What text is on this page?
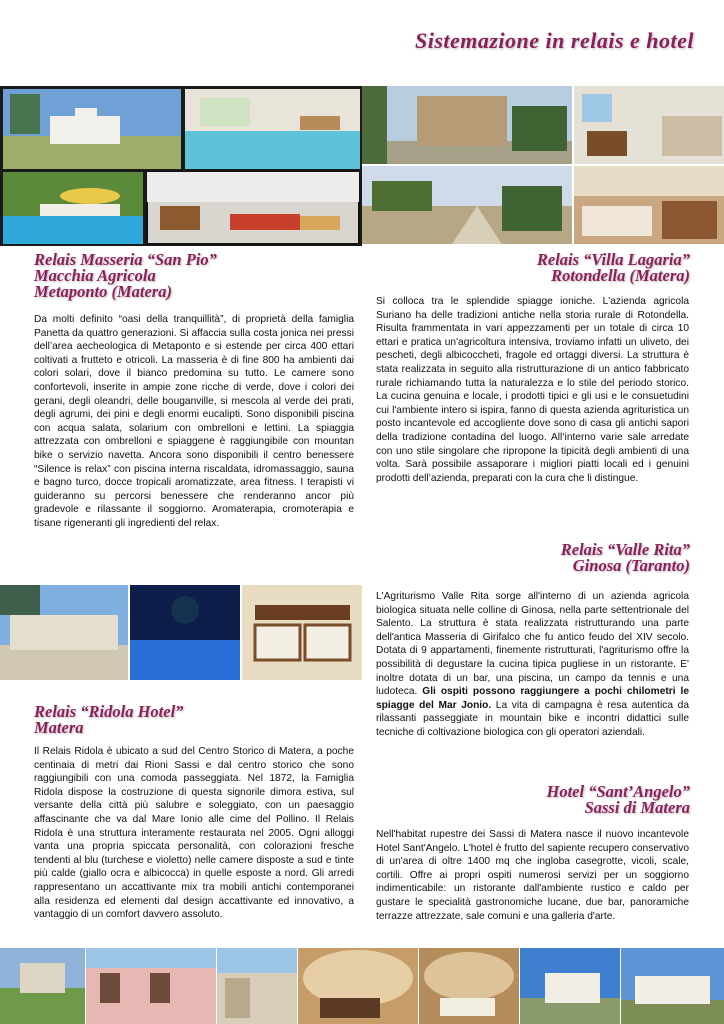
Sistemazione in relais e hotel
Relais Masseria “San Pio”
Macchia Agricola
Metaponto (Matera)
Da molti definito “oasi della tranquillità”, di proprietà della famiglia Panetta da quattro generazioni. Si affaccia sulla costa jonica nei pressi dell’area aecheologica di Metaponto e si estende per circa 400 ettari coltivati a frutteto e otricoli. La masseria è di fine 800 ha ambienti dai colori solari, dove il bianco predomina su tutto. Le camere sono confortevoli, inserite in ampie zone ricche di verde, dove i colori dei gerani, degli oleandri, delle bouganville, si mescola al verde dei prati, degli agrumi, dei pini e degli enormi eucalipti. Sono disponibili piscina con acqua salata, solarium con ombrelloni e lettini. La spiaggia attrezzata con ombrelloni e spiaggene è raggiungibile con mountan bike o servizio navetta. Ancora sono disponibili il centro benessere “Silence is relax” con piscina interna riscaldata, idromassaggio, sauna e bagno turco, docce tropicali aromatizzate, area fitness. I terapisti vi guideranno su percorsi benessere che renderanno ancor più gradevole e rilassante il soggiorno. Aromaterapia, cromoterapia e tisane rigeneranti gli ingredienti del relax.
Relais “Villa Lagaria”
Rotondella (Matera)
Si colloca tra le splendide spiagge ioniche. L'azienda agricola Suriano ha delle tradizioni antiche nella storia rurale di Rotondella. Risulta frammentata in vari appezzamenti per un totale di circa 10 ettari e pratica un'agricoltura intensiva, troviamo infatti un uliveto, dei pescheti, degli albicoccheti, fragole ed ortaggi diversi. La struttura è stata realizzata in seguito alla ristrutturazione di un antico fabbricato rurale richiamando tutta la naturalezza e lo stile del periodo storico. La cucina genuina e locale, i prodotti tipici e gli usi e le consuetudini cui l'ambiente intero si ispira, fanno di questa azienda agrituristica un posto incantevole ed accogliente dove sono di casa gli antichi sapori della tradizione contadina del luogo. All’interno varie sale arredate con uno stile singolare che ripropone la tipicità degli ambienti di una volta. Sarà possibile assaporare i migliori piatti locali ed i genuini prodotti dell’azienda, preparati con la cura che li distingue.
Relais “Valle Rita”
Ginosa (Taranto)
L'Agriturismo Valle Rita sorge all'interno di un azienda agricola biologica situata nelle colline di Ginosa, nella parte settentrionale del Salento. La struttura è stata realizzata ristrutturando una parte dell'antica Masseria di Girifalco che fu antico feudo del XIV secolo. Dotata di 9 appartamenti, finemente ristrutturati, l'agriturismo offre la possibilità di degustare la cucina tipica pugliese in un ristorante. E' inoltre dotata di un bar, una piscina, un campo da tennis e una ludoteca. Gli ospiti possono raggiungere a pochi chilometri le spiagge del Mar Jonio. La vita di campagna è resa autentica da rilassanti passeggiate in mountain bike e incontri didattici sulle tecniche di coltivazione biologica con gli operatori aziendali.
Relais “Ridola Hotel”
Matera
Il Relais Ridola è ubicato a sud del Centro Storico di Matera, a poche centinaia di metri dai Rioni Sassi e dal centro storico che sono raggiungibili con una comoda passeggiata. Nel 1872, la Famiglia Ridola dispose la costruzione di questa signorile dimora estiva, sul versante della città più salubre e soleggiato, con un paesaggio affascinante che va dal Mare Ionio alle cime del Pollino. Il Relais Ridola è una struttura interamente restaurata nel 2005. Ogni alloggi vanta una propria spiccata personalità, con colorazioni fresche tendenti al blu (turchese e violetto) nelle camere disposte a sud e tinte più calde (giallo ocra e albicocca) in quelle esposte a nord. Gli arredi rappresentano un accattivante mix tra mobili antichi contemporanei alla residenza ed elementi dal design accattivante ed innovativo, a vantaggio di un comfort davvero assoluto.
Hotel “Sant’Angelo”
Sassi di Matera
Nell'habitat rupestre dei Sassi di Matera nasce il nuovo incantevole Hotel Sant'Angelo. L'hotel è frutto del sapiente recupero conservativo di un'area di oltre 1400 mq che ingloba casegrotte, vicoli, scale, cortili. Offre ai propri ospiti numerosi servizi per un soggiorno indimenticabile: un ristorante dall'ambiente rustico e caldo per gustare le specialità gastronomiche lucane, due bar, panoramiche terrazze attrezzate, sale comuni e una galleria d'arte.
